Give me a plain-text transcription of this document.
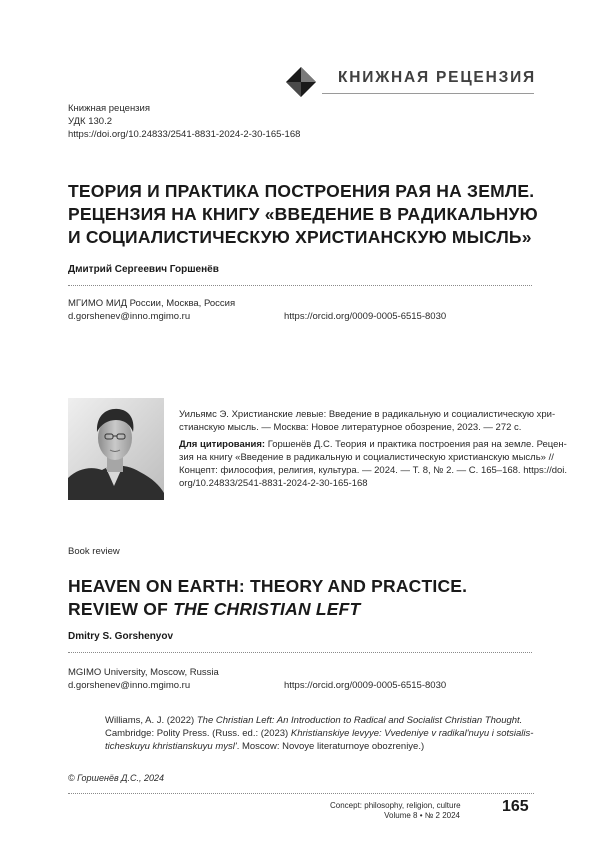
КНИЖНАЯ РЕЦЕНЗИЯ
Книжная рецензия
УДК 130.2
https://doi.org/10.24833/2541-8831-2024-2-30-165-168
ТЕОРИЯ И ПРАКТИКА ПОСТРОЕНИЯ РАЯ НА ЗЕМЛЕ.
РЕЦЕНЗИЯ НА КНИГУ «ВВЕДЕНИЕ В РАДИКАЛЬНУЮ
И СОЦИАЛИСТИЧЕСКУЮ ХРИСТИАНСКУЮ МЫСЛЬ»
Дмитрий Сергеевич Горшенёв
МГИМО МИД России, Москва, Россия
d.gorshenev@inno.mgimo.ru	https://orcid.org/0009-0005-6515-8030
Уильямс Э. Христианские левые: Введение в радикальную и социалистическую хри-
стианскую мысль. — Москва: Новое литературное обозрение, 2023. — 272 с.
Для цитирования: Горшенёв Д.С. Теория и практика построения рая на земле. Рецен-
зия на книгу «Введение в радикальную и социалистическую христианскую мысль» //
Концепт: философия, религия, культура. — 2024. — Т. 8, № 2. — С. 165–168. https://doi.
org/10.24833/2541-8831-2024-2-30-165-168
Book review
HEAVEN ON EARTH: THEORY AND PRACTICE.
REVIEW OF THE CHRISTIAN LEFT
Dmitry S. Gorshenyov
MGIMO University, Moscow, Russia
d.gorshenev@inno.mgimo.ru	https://orcid.org/0009-0005-6515-8030
Williams, A. J. (2022) The Christian Left: An Introduction to Radical and Socialist Christian Thought.
Cambridge: Polity Press. (Russ. ed.: (2023) Khristianskiye levyye: Vvedeniye v radikal'nuyu i sotsialis-
ticheskuyu khristianskuyu mysl'. Moscow: Novoye literaturnoye obozreniye.)
© Горшенёв Д.С., 2024
Concept: philosophy, religion, culture
Volume 8 • № 2 2024
165
